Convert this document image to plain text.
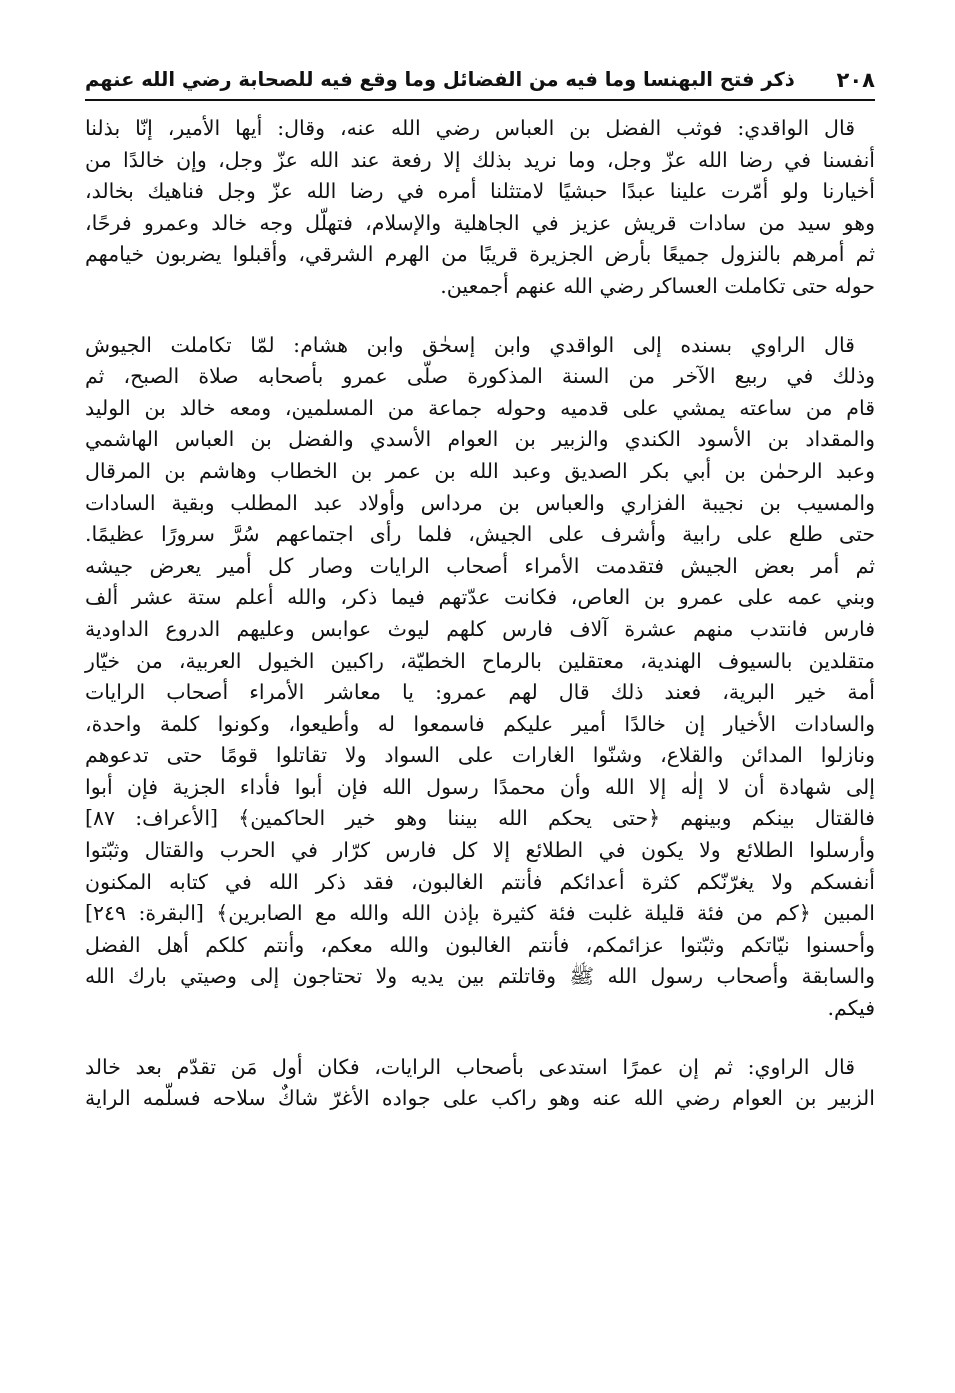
٢٠٨
ذكر فتح البهنسا وما فيه من الفضائل وما وقع فيه للصحابة رضي الله عنهم

قال الواقدي: فوثب الفضل بن العباس رضي الله عنه، وقال: أيها الأمير، إنّا بذلنا
أنفسنا في رضا الله عزّ وجل، وما نريد بذلك إلا رفعة عند الله عزّ وجل، وإن خالدًا من
أخيارنا ولو أمّرت علينا عبدًا حبشيًا لامتثلنا أمره في رضا الله عزّ وجل فناهيك بخالد،
وهو سيد من سادات قريش عزيز في الجاهلية والإسلام، فتهلّل وجه خالد وعمرو فرحًا،
ثم أمرهم بالنزول جميعًا بأرض الجزيرة قريبًا من الهرم الشرقي، وأقبلوا يضربون خيامهم
حوله حتى تكاملت العساكر رضي الله عنهم أجمعين.

قال الراوي بسنده إلى الواقدي وابن إسحٰق وابن هشام: لمّا تكاملت الجيوش
وذلك في ربيع الآخر من السنة المذكورة صلّى عمرو بأصحابه صلاة الصبح، ثم
قام من ساعته يمشي على قدميه وحوله جماعة من المسلمين، ومعه خالد بن الوليد
والمقداد بن الأسود الكندي والزبير بن العوام الأسدي والفضل بن العباس الهاشمي
وعبد الرحمٰن بن أبي بكر الصديق وعبد الله بن عمر بن الخطاب وهاشم بن المرقال
والمسيب بن نجيبة الفزاري والعباس بن مرداس وأولاد عبد المطلب وبقية السادات
حتى طلع على رابية وأشرف على الجيش، فلما رأى اجتماعهم سُرَّ سرورًا عظيمًا.
ثم أمر بعض الجيش فتقدمت الأمراء أصحاب الرايات وصار كل أمير يعرض جيشه
وبني عمه على عمرو بن العاص، فكانت عدّتهم فيما ذكر، والله أعلم ستة عشر ألف
فارس فانتدب منهم عشرة آلاف فارس كلهم ليوث عوابس وعليهم الدروع الداودية
متقلدين بالسيوف الهندية، معتقلين بالرماح الخطيّة، راكبين الخيول العربية، من خيّار
أمة خير البرية، فعند ذلك قال لهم عمرو: يا معاشر الأمراء أصحاب الرايات
والسادات الأخيار إن خالدًا أمير عليكم فاسمعوا له وأطيعوا، وكونوا كلمة واحدة،
ونازلوا المدائن والقلاع، وشنّوا الغارات على السواد ولا تقاتلوا قومًا حتى تدعوهم
إلى شهادة أن لا إلٰه إلا الله وأن محمدًا رسول الله فإن أبوا فأداء الجزية فإن أبوا
فالقتال بينكم وبينهم ﴿حتى يحكم الله بيننا وهو خير الحاكمين﴾ [الأعراف: ٨٧]
وأرسلوا الطلائع ولا يكون في الطلائع إلا كل فارس كرّار في الحرب والقتال وثبّتوا
أنفسكم ولا يغرّنّكم كثرة أعدائكم فأنتم الغالبون، فقد ذكر الله في كتابه المكنون
المبين ﴿كم من فئة قليلة غلبت فئة كثيرة بإذن الله والله مع الصابرين﴾ [البقرة: ٢٤٩]
وأحسنوا نيّاتكم وثبّتوا عزائمكم، فأنتم الغالبون والله معكم، وأنتم كلكم أهل الفضل
والسابقة وأصحاب رسول الله ﷺ وقاتلتم بين يديه ولا تحتاجون إلى وصيتي بارك الله
فيكم.

قال الراوي: ثم إن عمرًا استدعى بأصحاب الرايات، فكان أول مَن تقدّم بعد خالد
الزبير بن العوام رضي الله عنه وهو راكب على جواده الأغرّ شاكٌ سلاحه فسلّمه الراية
